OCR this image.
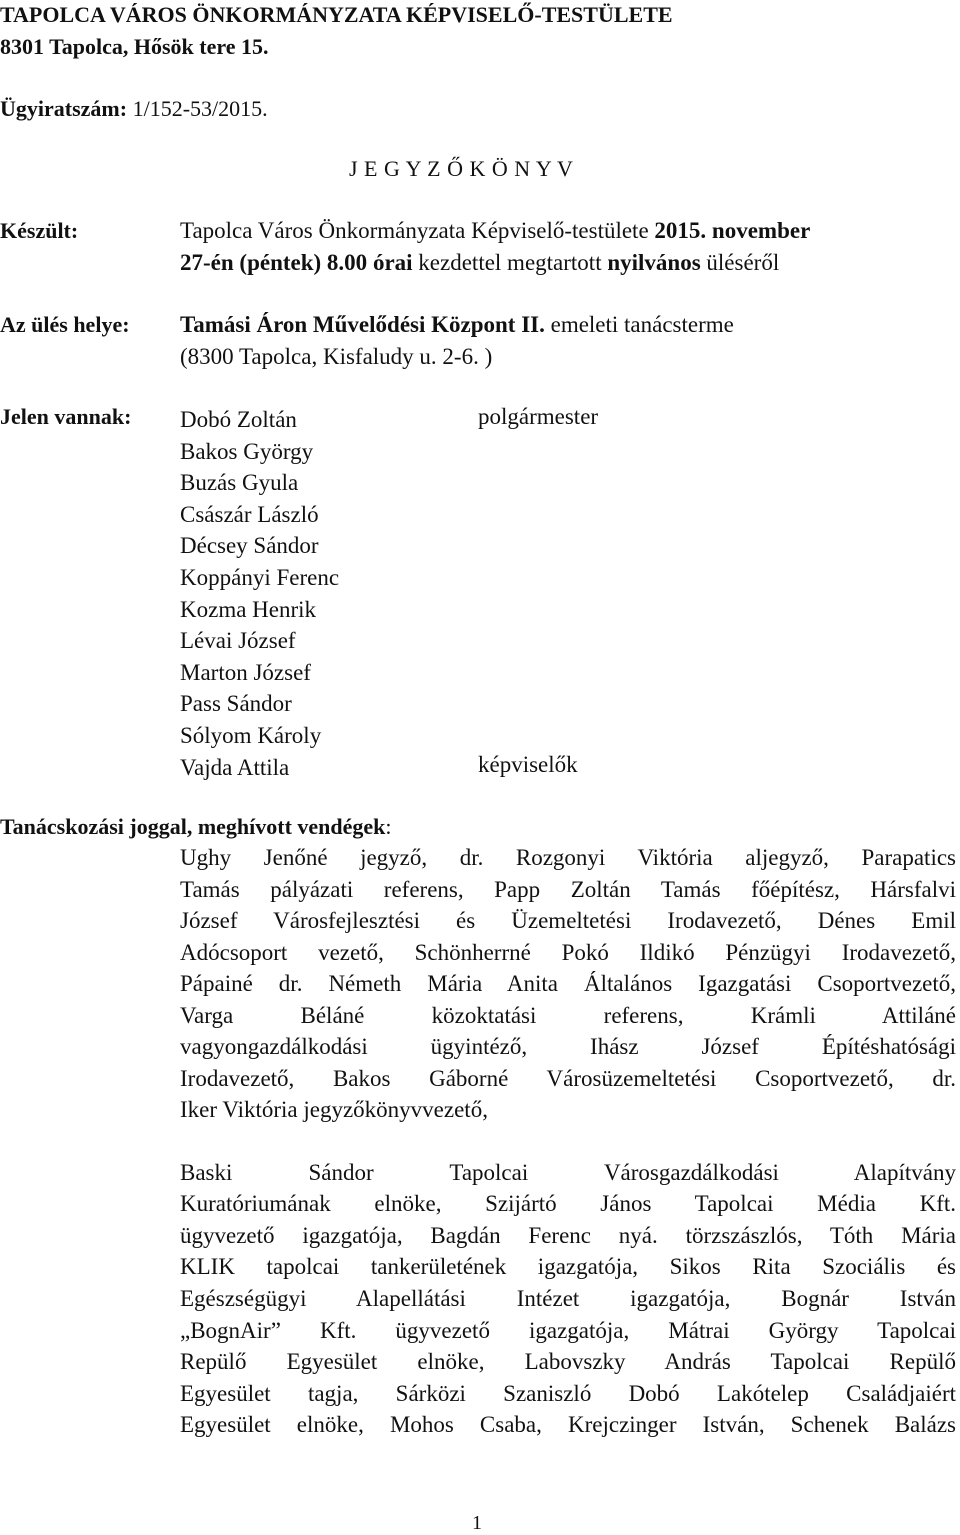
TAPOLCA VÁROS ÖNKORMÁNYZATA KÉPVISELŐ-TESTÜLETE
8301 Tapolca, Hősök tere 15.
Ügyiratszám: 1/152-53/2015.
J E G Y Z Ő K Ö N Y V
Készült:	Tapolca Város Önkormányzata Képviselő-testülete 2015. november
27-én (péntek) 8.00 órai kezdettel megtartott nyilvános üléséről
Az ülés helye: Tamási Áron Művelődési Központ II. emeleti tanácsterme
(8300 Tapolca, Kisfaludy u. 2-6. )
Jelen vannak: Dobó Zoltán
Bakos György
Buzás Gyula
Császár László
Décsey Sándor
Koppányi Ferenc
Kozma Henrik
Lévai József
Marton József
Pass Sándor
Sólyom Károly
Vajda Attila
polgármester
képviselők
Tanácskozási joggal, meghívott vendégek:
Ughy Jenőné jegyző, dr. Rozgonyi Viktória aljegyző, Parapatics
Tamás pályázati referens, Papp Zoltán Tamás főépítész, Hársfalvi
József Városfejlesztési és Üzemeltetési Irodavezető, Dénes Emil
Adócsoport vezető, Schönherrné Pokó Ildikó Pénzügyi Irodavezető,
Pápainé dr. Németh Mária Anita Általános Igazgatási Csoportvezető,
Varga Béláné közoktatási referens, Krámli Attiláné
vagyongazdálkodási ügyintéző, Ihász József Építéshatósági
Irodavezető, Bakos Gáborné Városüzemeltetési Csoportvezető, dr.
Iker Viktória jegyzőkönyvvezető,
Baski Sándor Tapolcai Városgazdálkodási Alapítvány
Kuratóriumának elnöke, Szijártó János Tapolcai Média Kft.
ügyvezető igazgatója, Bagdán Ferenc nyá. törzszászlós, Tóth Mária
KLIK tapolcai tankerületének igazgatója, Sikos Rita Szociális és
Egészségügyi Alapellátási Intézet igazgatója, Bognár István
„BognAir” Kft. ügyvezető igazgatója, Mátrai György Tapolcai
Repülő Egyesület elnöke, Labovszky András Tapolcai Repülő
Egyesület tagja, Sárközi Szaniszló Dobó Lakótelep Családjaiért
Egyesület elnöke, Mohos Csaba, Krejczinger István, Schenek Balázs
1
